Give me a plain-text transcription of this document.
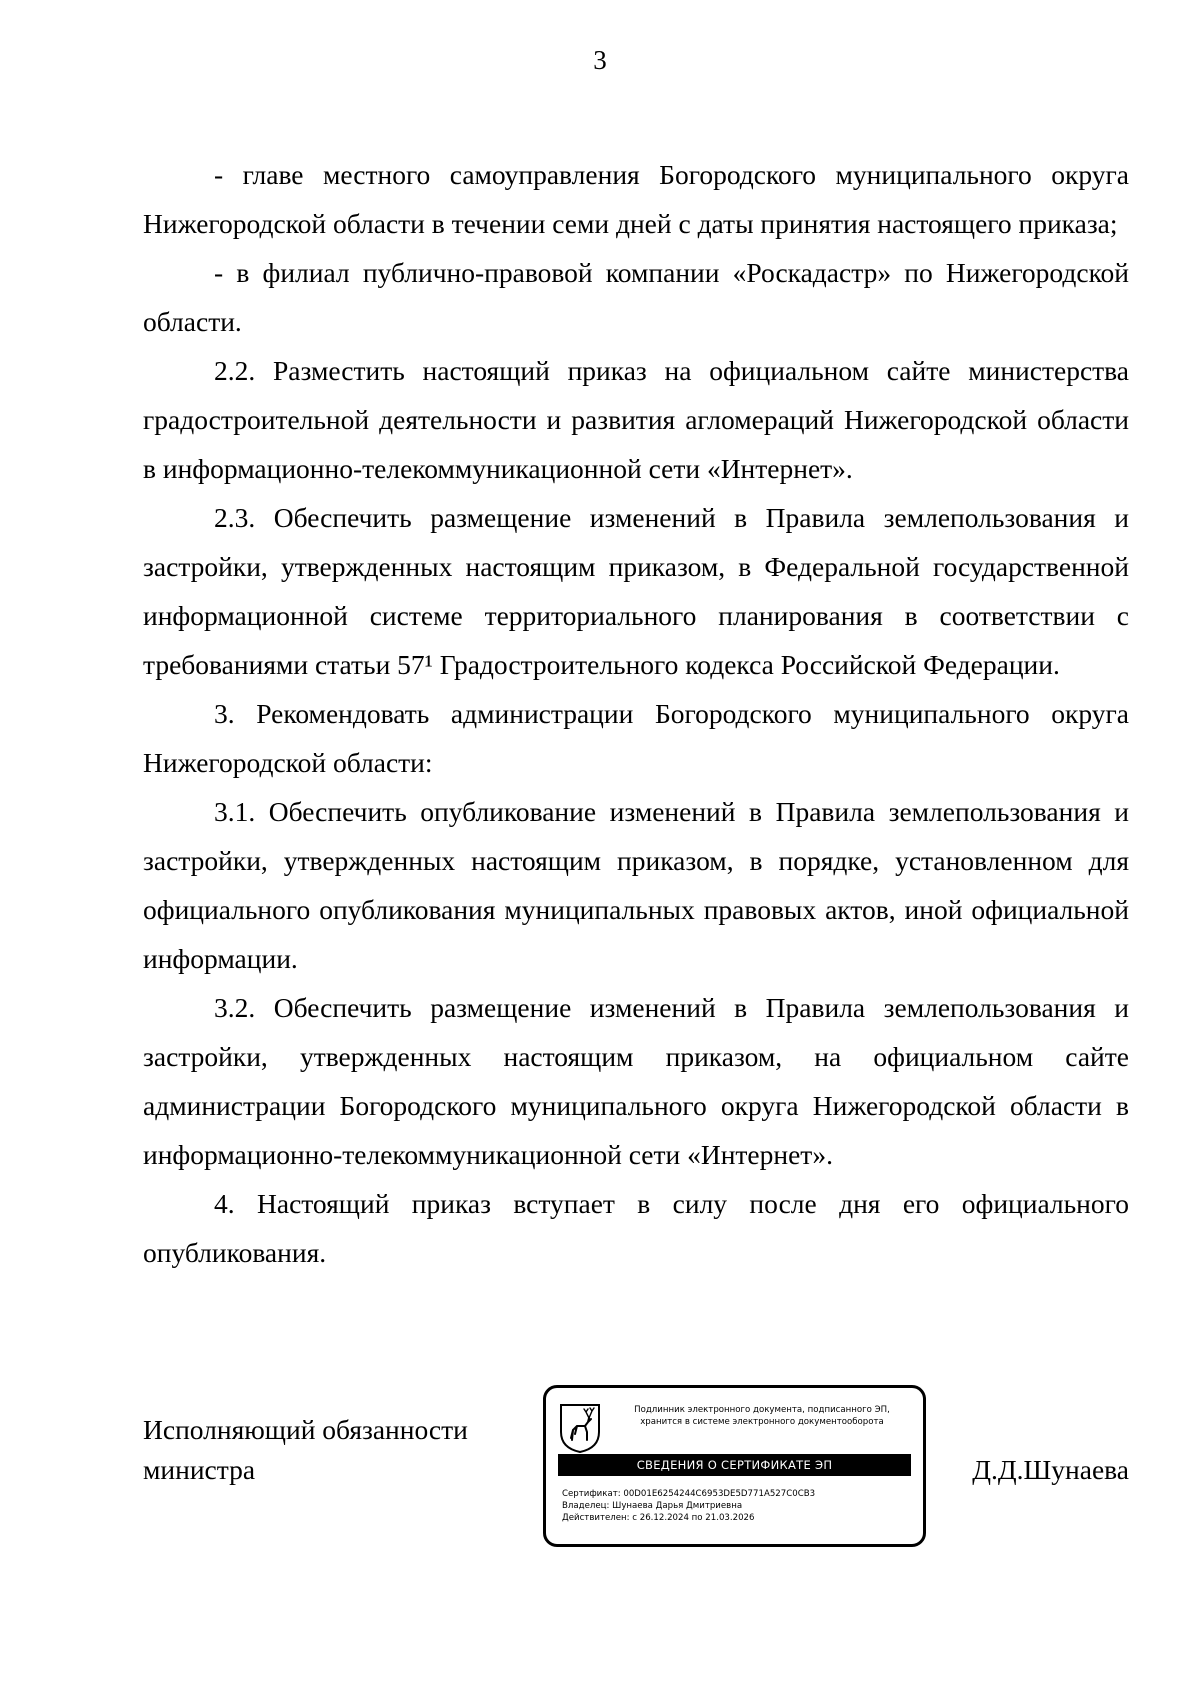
3

- главе местного самоуправления Богородского муниципального округа Нижегородской области в течении семи дней с даты принятия настоящего приказа;

- в филиал публично-правовой компании «Роскадастр» по Нижегородской области.

2.2. Разместить настоящий приказ на официальном сайте министерства градостроительной деятельности и развития агломераций Нижегородской области в информационно-телекоммуникационной сети «Интернет».

2.3. Обеспечить размещение изменений в Правила землепользования и застройки, утвержденных настоящим приказом, в Федеральной государственной информационной системе территориального планирования в соответствии с требованиями статьи 57¹ Градостроительного кодекса Российской Федерации.

3. Рекомендовать администрации Богородского муниципального округа Нижегородской области:

3.1. Обеспечить опубликование изменений в Правила землепользования и застройки, утвержденных настоящим приказом, в порядке, установленном для официального опубликования муниципальных правовых актов, иной официальной информации.

3.2. Обеспечить размещение изменений в Правила землепользования и застройки, утвержденных настоящим приказом, на официальном сайте администрации Богородского муниципального округа Нижегородской области в информационно-телекоммуникационной сети «Интернет».

4. Настоящий приказ вступает в силу после дня его официального опубликования.

Исполняющий обязанности
министра
Подлинник электронного документа, подписанного ЭП,
хранится в системе электронного документооборота
СВЕДЕНИЯ О СЕРТИФИКАТЕ ЭП
Сертификат: 00D01E6254244C6953DE5D771A527C0CB3
Владелец: Шунаева Дарья Дмитриевна
Действителен: с 26.12.2024 по 21.03.2026
Д.Д.Шунаева
